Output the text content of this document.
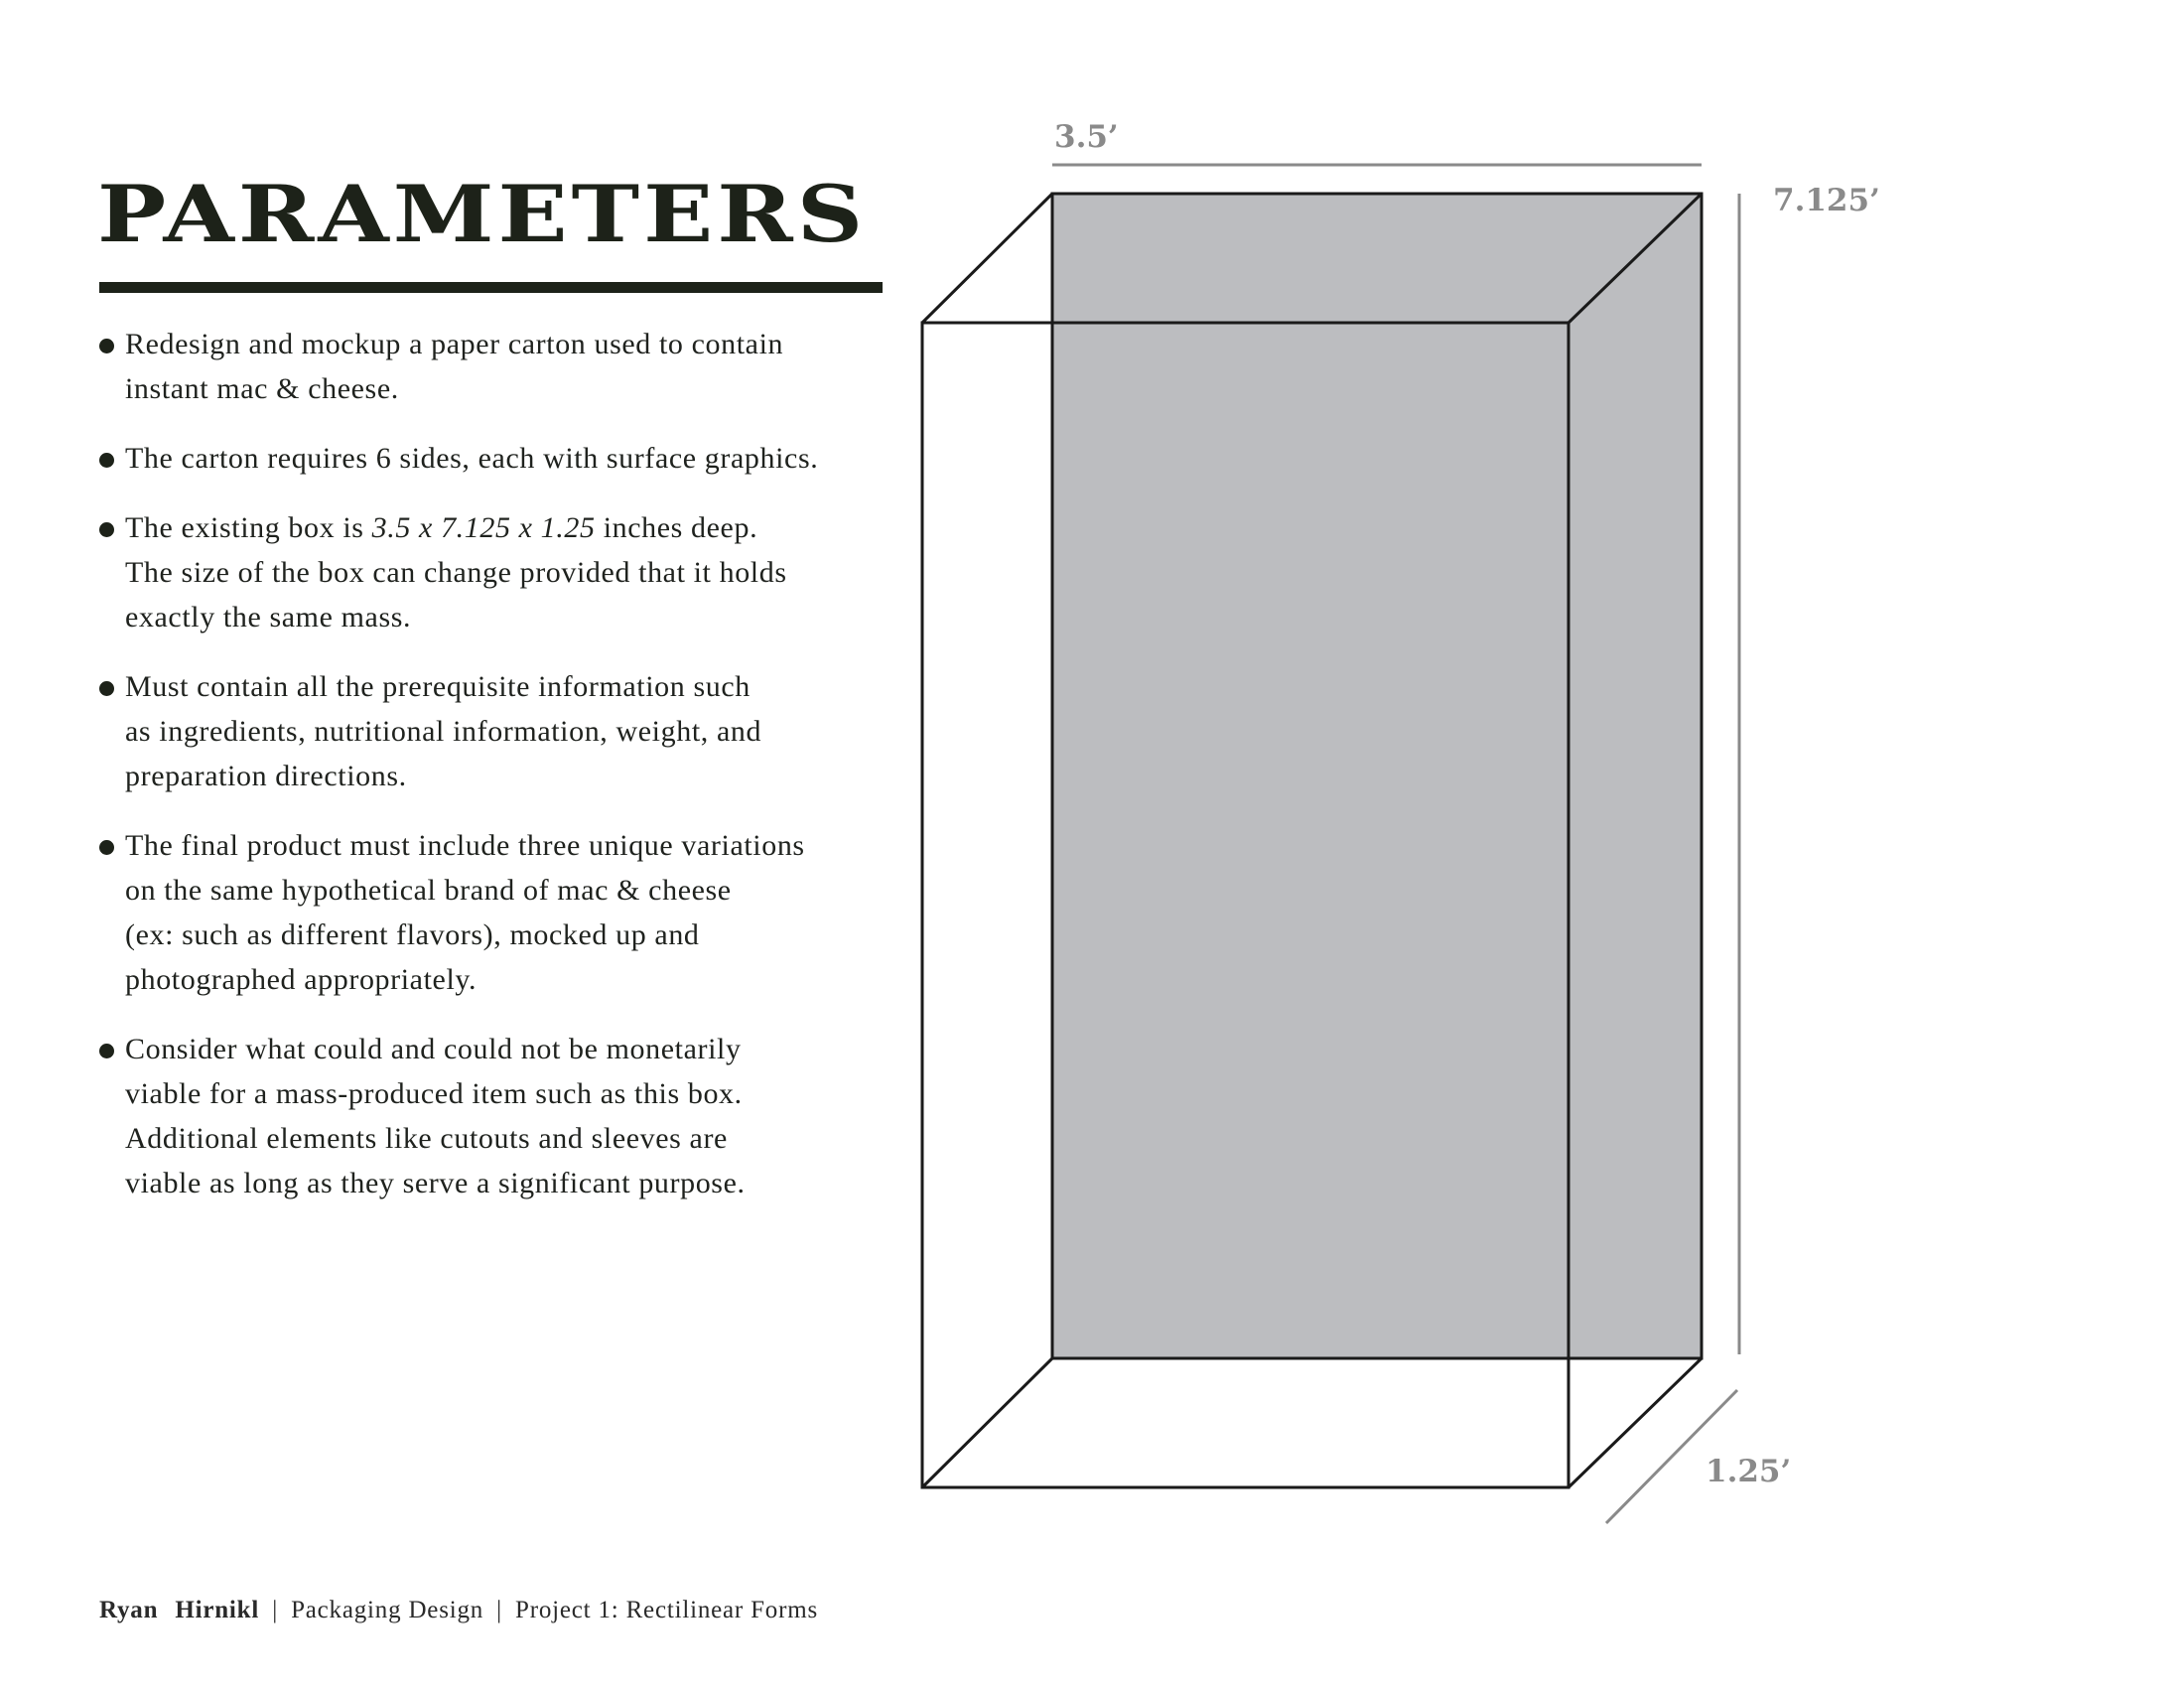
PARAMETERS
Redesign and mockup a paper carton used to contain
instant mac & cheese.
The carton requires 6 sides, each with surface graphics.
The existing box is 3.5 x 7.125 x 1.25 inches deep.
The size of the box can change provided that it holds
exactly the same mass.
Must contain all the prerequisite information such
as ingredients, nutritional information, weight, and
preparation directions.
The final product must include three unique variations
on the same hypothetical brand of mac & cheese
(ex: such as different flavors), mocked up and
photographed appropriately.
Consider what could and could not be monetarily
viable for a mass-produced item such as this box.
Additional elements like cutouts and sleeves are
viable as long as they serve a significant purpose.
3.5’
7.125’
1.25’
Ryan Hirnikl | Packaging Design | Project 1: Rectilinear Forms
